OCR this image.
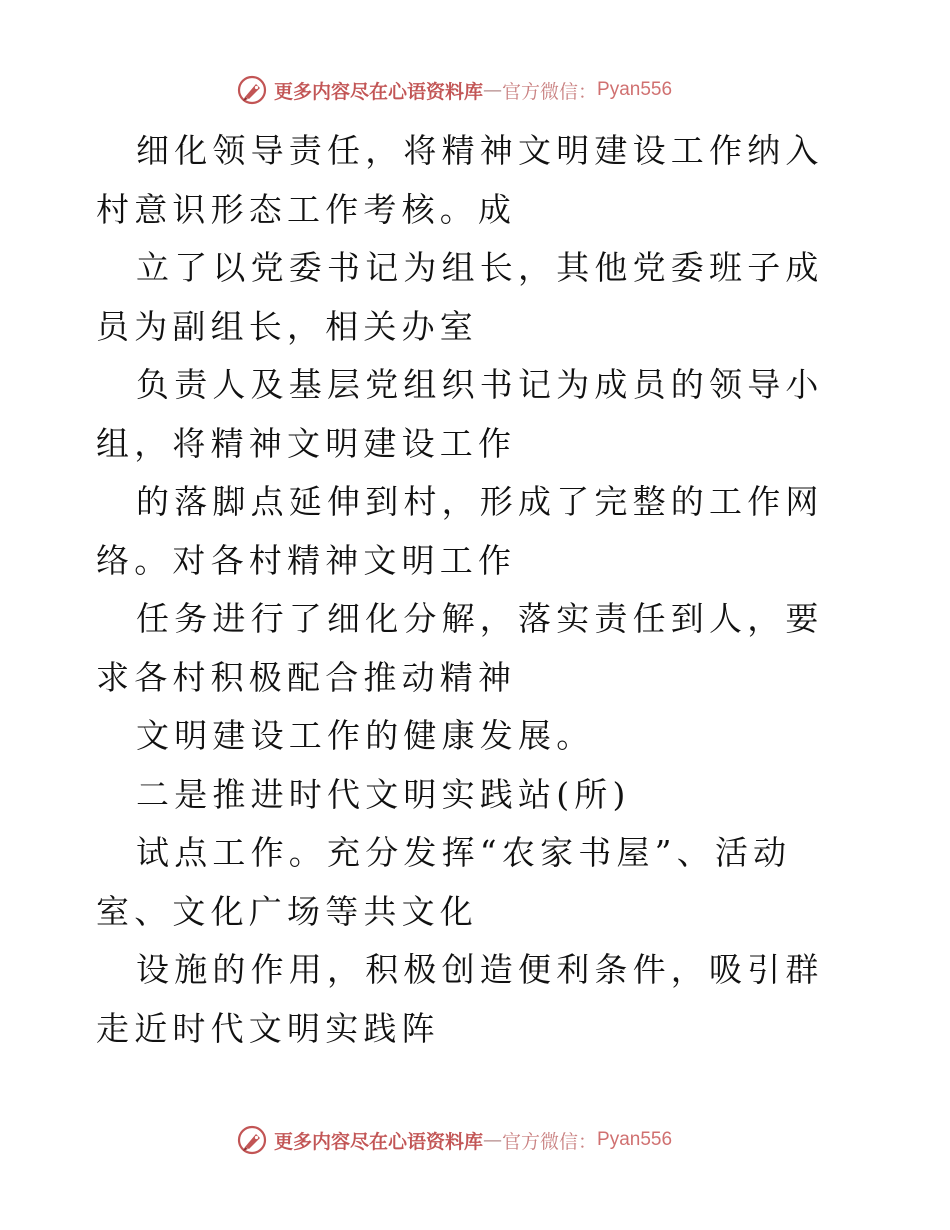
更多内容尽在心语资料库 — 官方微信： Pyan556

细化领导责任，将精神文明建设工作纳入村意识形态工作考核。成

立了以党委书记为组长，其他党委班子成员为副组长，相关办室

负责人及基层党组织书记为成员的领导小组，将精神文明建设工作

的落脚点延伸到村，形成了完整的工作网络。对各村精神文明工作

任务进行了细化分解，落实责任到人，要求各村积极配合推动精神

文明建设工作的健康发展。

二是推进时代文明实践站(所)

试点工作。充分发挥“农家书屋”、活动室、文化广场等共文化

设施的作用，积极创造便利条件，吸引群走近时代文明实践阵

更多内容尽在心语资料库 — 官方微信： Pyan556
